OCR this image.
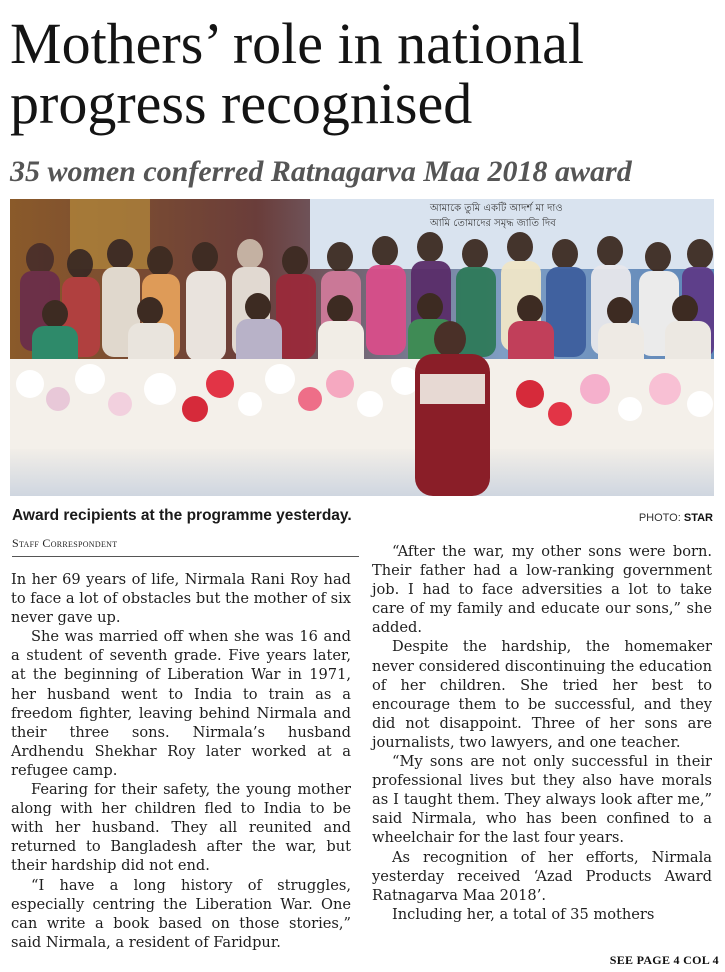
Mothers’ role in national
progress recognised
35 women conferred Ratnagarva Maa 2018 award
আমাকে তুমি একটি আদর্শ মা দাও
আমি তোমাদের সমৃদ্ধ জাতি দিব
Award recipients at the programme yesterday.	PHOTO: STAR
Staff Correspondent

In her 69 years of life, Nirmala Rani Roy had to face a lot of obstacles but the mother of six never gave up.

She was married off when she was 16 and a student of seventh grade. Five years later, at the beginning of Liberation War in 1971, her husband went to India to train as a freedom fighter, leaving behind Nirmala and their three sons. Nirmala’s husband Ardhendu Shekhar Roy later worked at a refugee camp.

Fearing for their safety, the young mother along with her children fled to India to be with her husband. They all reunited and returned to Bangladesh after the war, but their hardship did not end.

“I have a long history of struggles, especially centring the Liberation War. One can write a book based on those stories,” said Nirmala, a resident of Faridpur.

“After the war, my other sons were born. Their father had a low-ranking government job. I had to face adversities a lot to take care of my family and educate our sons,” she added.

Despite the hardship, the homemaker never considered discontinuing the education of her children. She tried her best to encourage them to be successful, and they did not disappoint. Three of her sons are journalists, two lawyers, and one teacher.

“My sons are not only successful in their professional lives but they also have morals as I taught them. They always look after me,” said Nirmala, who has been confined to a wheelchair for the last four years.

As recognition of her efforts, Nirmala yesterday received ‘Azad Products Award Ratnagarva Maa 2018’.

Including her, a total of 35 mothers

SEE PAGE 4 COL 4
